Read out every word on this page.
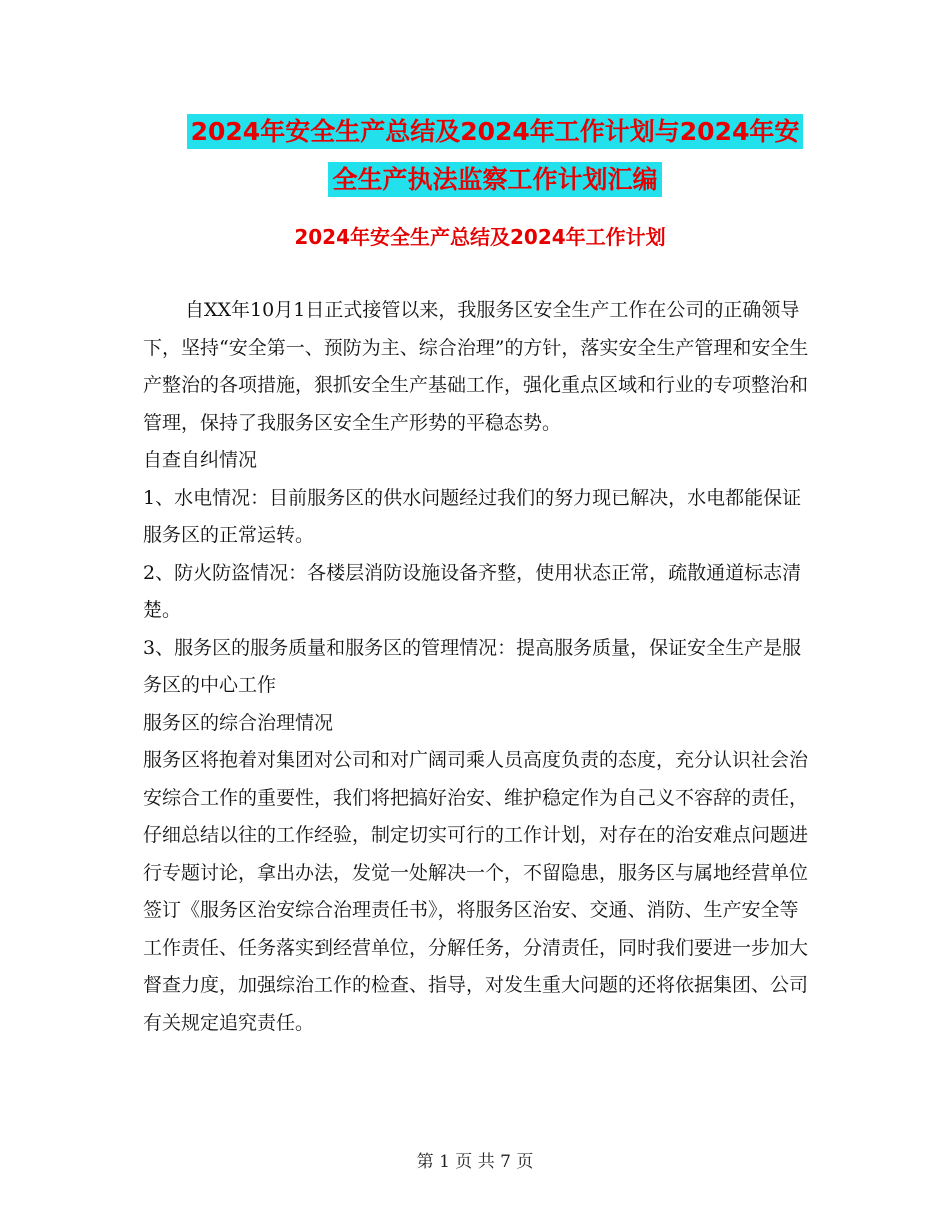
2024年安全生产总结及2024年工作计划与2024年安
全生产执法监察工作计划汇编
2024年安全生产总结及2024年工作计划

自XX年10月1日正式接管以来，我服务区安全生产工作在公司的正确领导下，坚持“安全第一、预防为主、综合治理”的方针，落实安全生产管理和安全生产整治的各项措施，狠抓安全生产基础工作，强化重点区域和行业的专项整治和管理，保持了我服务区安全生产形势的平稳态势。

自查自纠情况

1、水电情况：目前服务区的供水问题经过我们的努力现已解决，水电都能保证服务区的正常运转。

2、防火防盗情况：各楼层消防设施设备齐整，使用状态正常，疏散通道标志清楚。

3、服务区的服务质量和服务区的管理情况：提高服务质量，保证安全生产是服务区的中心工作

服务区的综合治理情况

服务区将抱着对集团对公司和对广阔司乘人员高度负责的态度，充分认识社会治安综合工作的重要性，我们将把搞好治安、维护稳定作为自己义不容辞的责任，仔细总结以往的工作经验，制定切实可行的工作计划，对存在的治安难点问题进行专题讨论，拿出办法，发觉一处解决一个，不留隐患，服务区与属地经营单位签订《服务区治安综合治理责任书》，将服务区治安、交通、消防、生产安全等工作责任、任务落实到经营单位，分解任务，分清责任，同时我们要进一步加大督查力度，加强综治工作的检查、指导，对发生重大问题的还将依据集团、公司有关规定追究责任。

第 1 页 共 7 页
